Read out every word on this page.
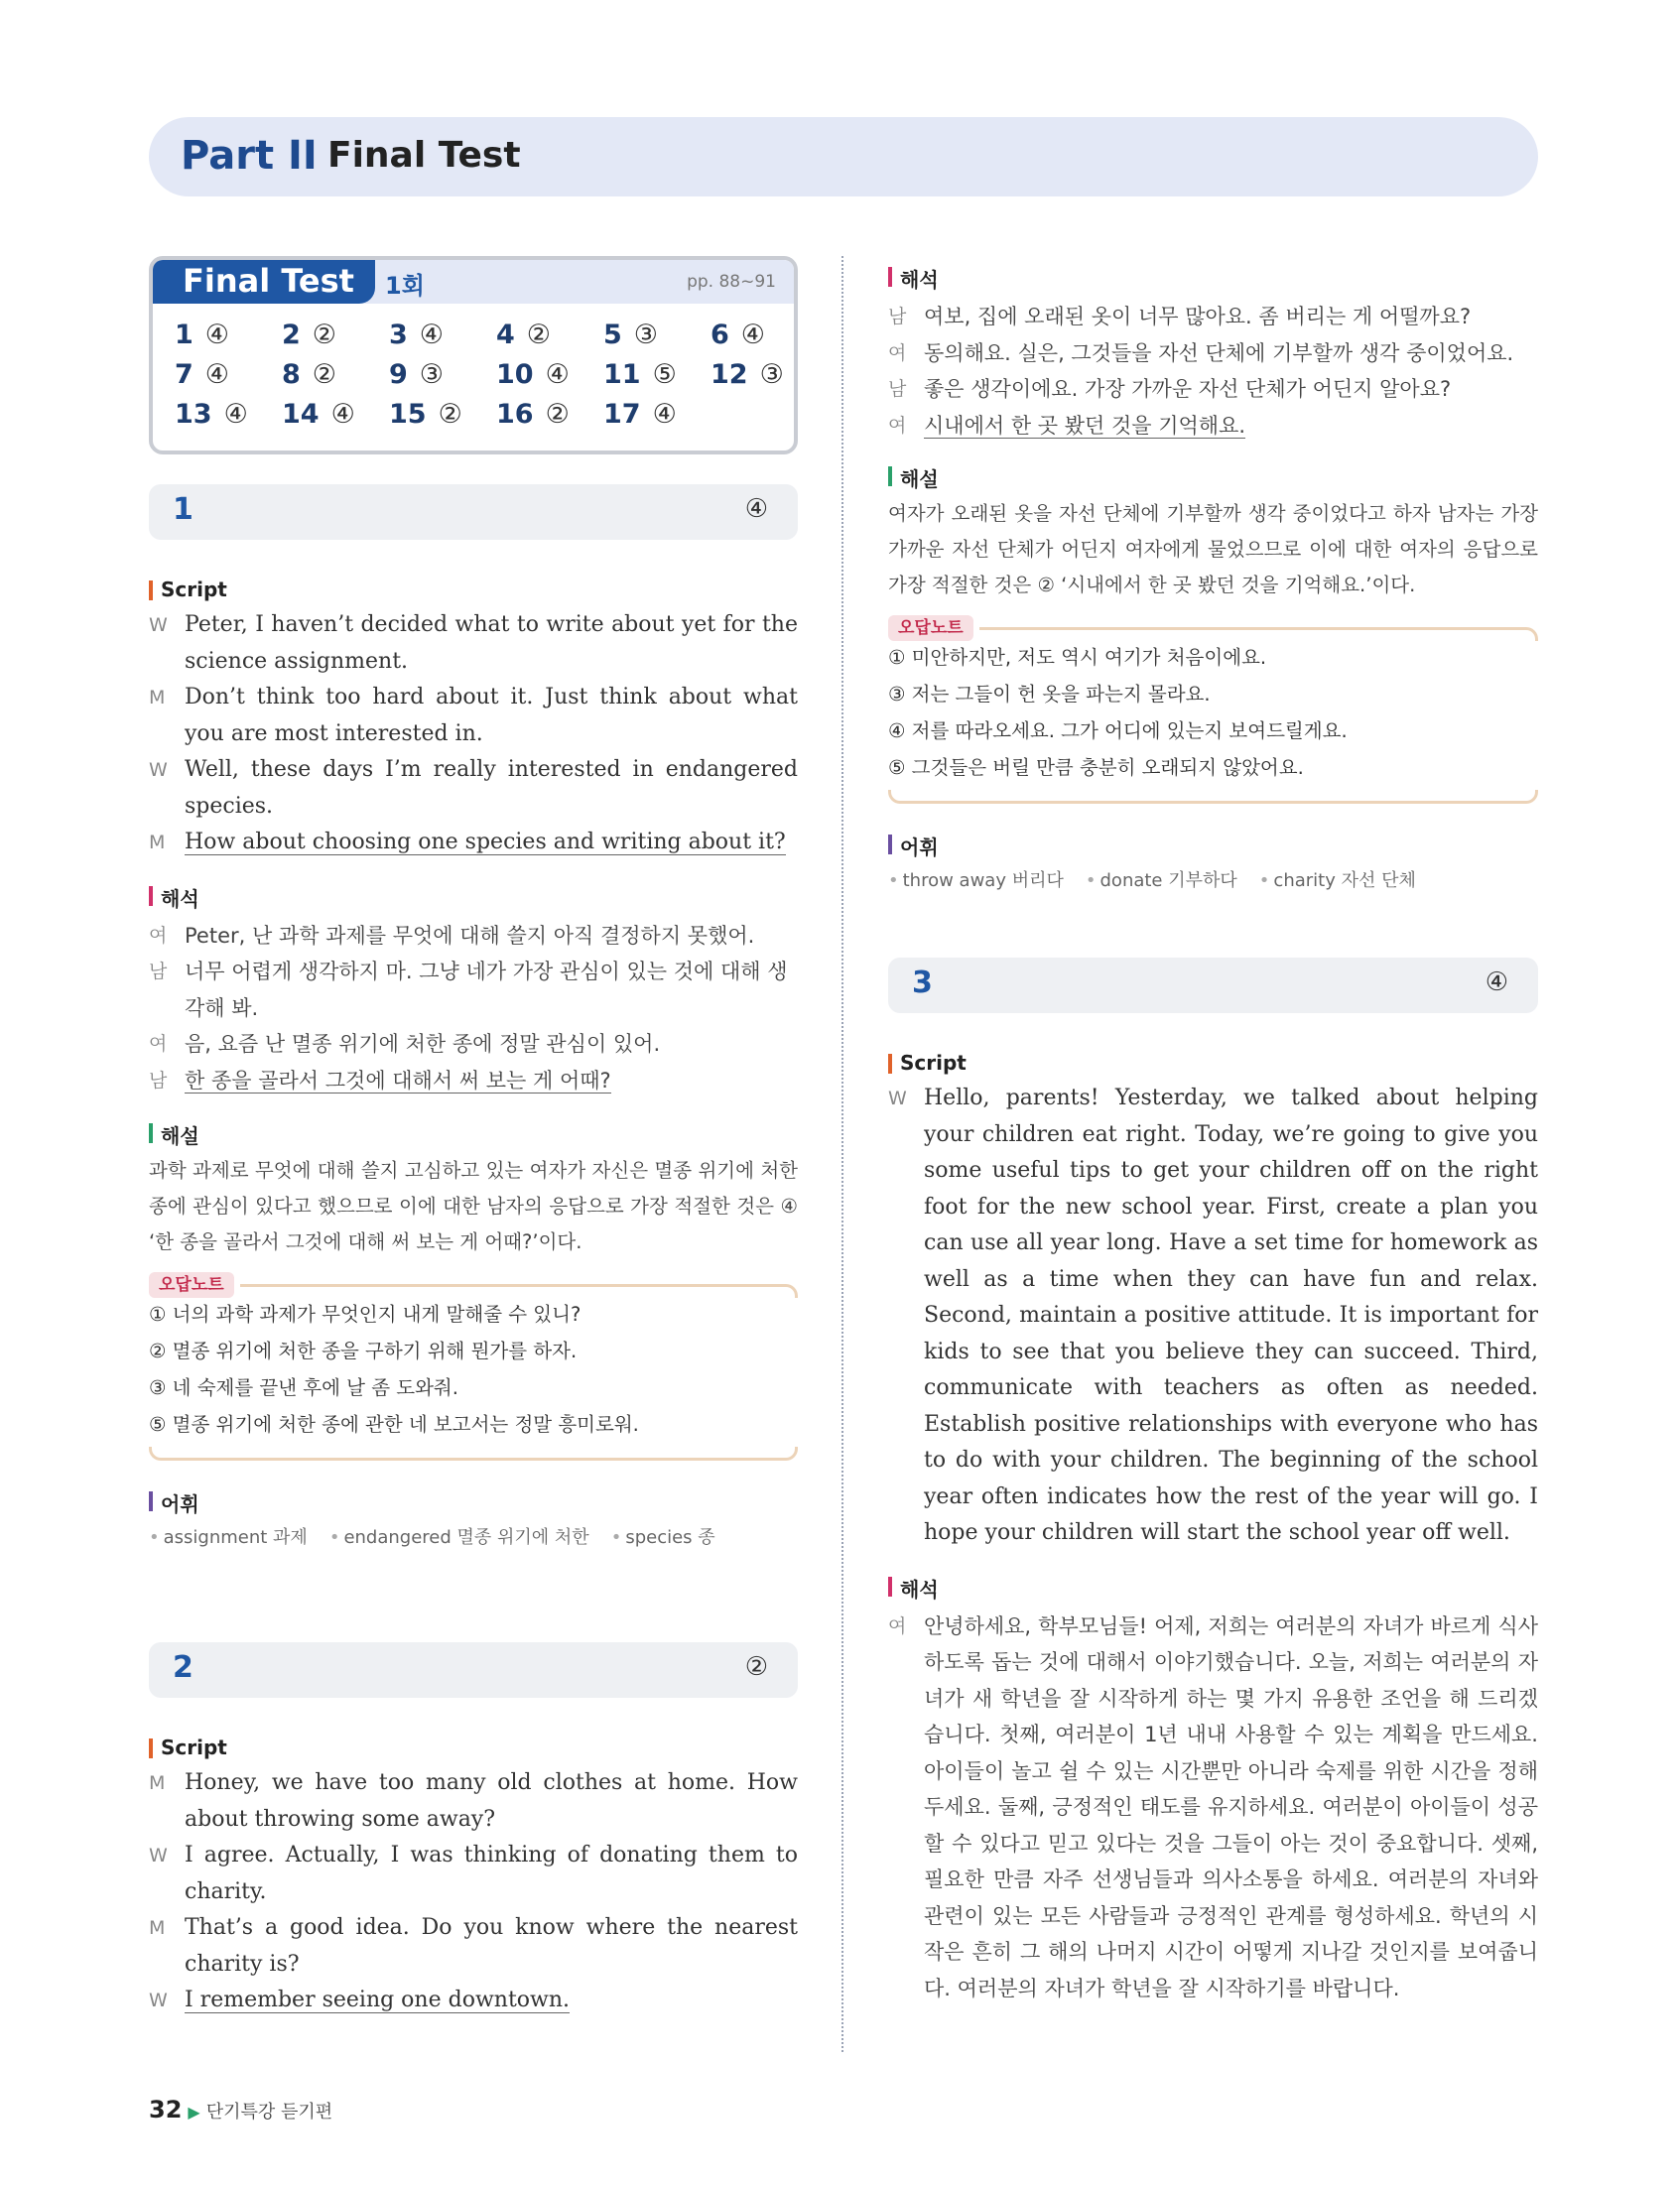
Part II Final Test
Final Test 1회	pp. 88~91
1 ④ 2 ② 3 ④ 4 ② 5 ③ 6 ④
7 ④ 8 ② 9 ③ 10 ④ 11 ⑤ 12 ③
13 ④ 14 ④ 15 ② 16 ② 17 ④
1	④
Script
W Peter, I haven’t decided what to write about yet for the science assignment.
M Don’t think too hard about it. Just think about what you are most interested in.
W Well, these days I’m really interested in endangered species.
M How about choosing one species and writing about it?
해석
여 Peter, 난 과학 과제를 무엇에 대해 쓸지 아직 결정하지 못했어.
남 너무 어렵게 생각하지 마. 그냥 네가 가장 관심이 있는 것에 대해 생각해 봐.
여 음, 요즘 난 멸종 위기에 처한 종에 정말 관심이 있어.
남 한 종을 골라서 그것에 대해서 써 보는 게 어때?
해설
과학 과제로 무엇에 대해 쓸지 고심하고 있는 여자가 자신은 멸종 위기에 처한 종에 관심이 있다고 했으므로 이에 대한 남자의 응답으로 가장 적절한 것은 ④ ‘한 종을 골라서 그것에 대해 써 보는 게 어때?’이다.
오답노트
① 너의 과학 과제가 무엇인지 내게 말해줄 수 있니?
② 멸종 위기에 처한 종을 구하기 위해 뭔가를 하자.
③ 네 숙제를 끝낸 후에 날 좀 도와줘.
⑤ 멸종 위기에 처한 종에 관한 네 보고서는 정말 흥미로워.
어휘
• assignment 과제 • endangered 멸종 위기에 처한 • species 종
2	②
Script
M Honey, we have too many old clothes at home. How about throwing some away?
W I agree. Actually, I was thinking of donating them to charity.
M That’s a good idea. Do you know where the nearest charity is?
W I remember seeing one downtown.
해석
남 여보, 집에 오래된 옷이 너무 많아요. 좀 버리는 게 어떨까요?
여 동의해요. 실은, 그것들을 자선 단체에 기부할까 생각 중이었어요.
남 좋은 생각이에요. 가장 가까운 자선 단체가 어딘지 알아요?
여 시내에서 한 곳 봤던 것을 기억해요.
해설
여자가 오래된 옷을 자선 단체에 기부할까 생각 중이었다고 하자 남자는 가장 가까운 자선 단체가 어딘지 여자에게 물었으므로 이에 대한 여자의 응답으로 가장 적절한 것은 ② ‘시내에서 한 곳 봤던 것을 기억해요.’이다.
오답노트
① 미안하지만, 저도 역시 여기가 처음이에요.
③ 저는 그들이 헌 옷을 파는지 몰라요.
④ 저를 따라오세요. 그가 어디에 있는지 보여드릴게요.
⑤ 그것들은 버릴 만큼 충분히 오래되지 않았어요.
어휘
• throw away 버리다 • donate 기부하다 • charity 자선 단체
3	④
Script
W Hello, parents! Yesterday, we talked about helping your children eat right. Today, we’re going to give you some useful tips to get your children off on the right foot for the new school year. First, create a plan you can use all year long. Have a set time for homework as well as a time when they can have fun and relax. Second, maintain a positive attitude. It is important for kids to see that you believe they can succeed. Third, communicate with teachers as often as needed. Establish positive relationships with everyone who has to do with your children. The beginning of the school year often indicates how the rest of the year will go. I hope your children will start the school year off well.
해석
여 안녕하세요, 학부모님들! 어제, 저희는 여러분의 자녀가 바르게 식사하도록 돕는 것에 대해서 이야기했습니다. 오늘, 저희는 여러분의 자녀가 새 학년을 잘 시작하게 하는 몇 가지 유용한 조언을 해 드리겠습니다. 첫째, 여러분이 1년 내내 사용할 수 있는 계획을 만드세요. 아이들이 놀고 쉴 수 있는 시간뿐만 아니라 숙제를 위한 시간을 정해 두세요. 둘째, 긍정적인 태도를 유지하세요. 여러분이 아이들이 성공할 수 있다고 믿고 있다는 것을 그들이 아는 것이 중요합니다. 셋째, 필요한 만큼 자주 선생님들과 의사소통을 하세요. 여러분의 자녀와 관련이 있는 모든 사람들과 긍정적인 관계를 형성하세요. 학년의 시작은 흔히 그 해의 나머지 시간이 어떻게 지나갈 것인지를 보여줍니다. 여러분의 자녀가 학년을 잘 시작하기를 바랍니다.
32 ▶ 단기특강 듣기편
